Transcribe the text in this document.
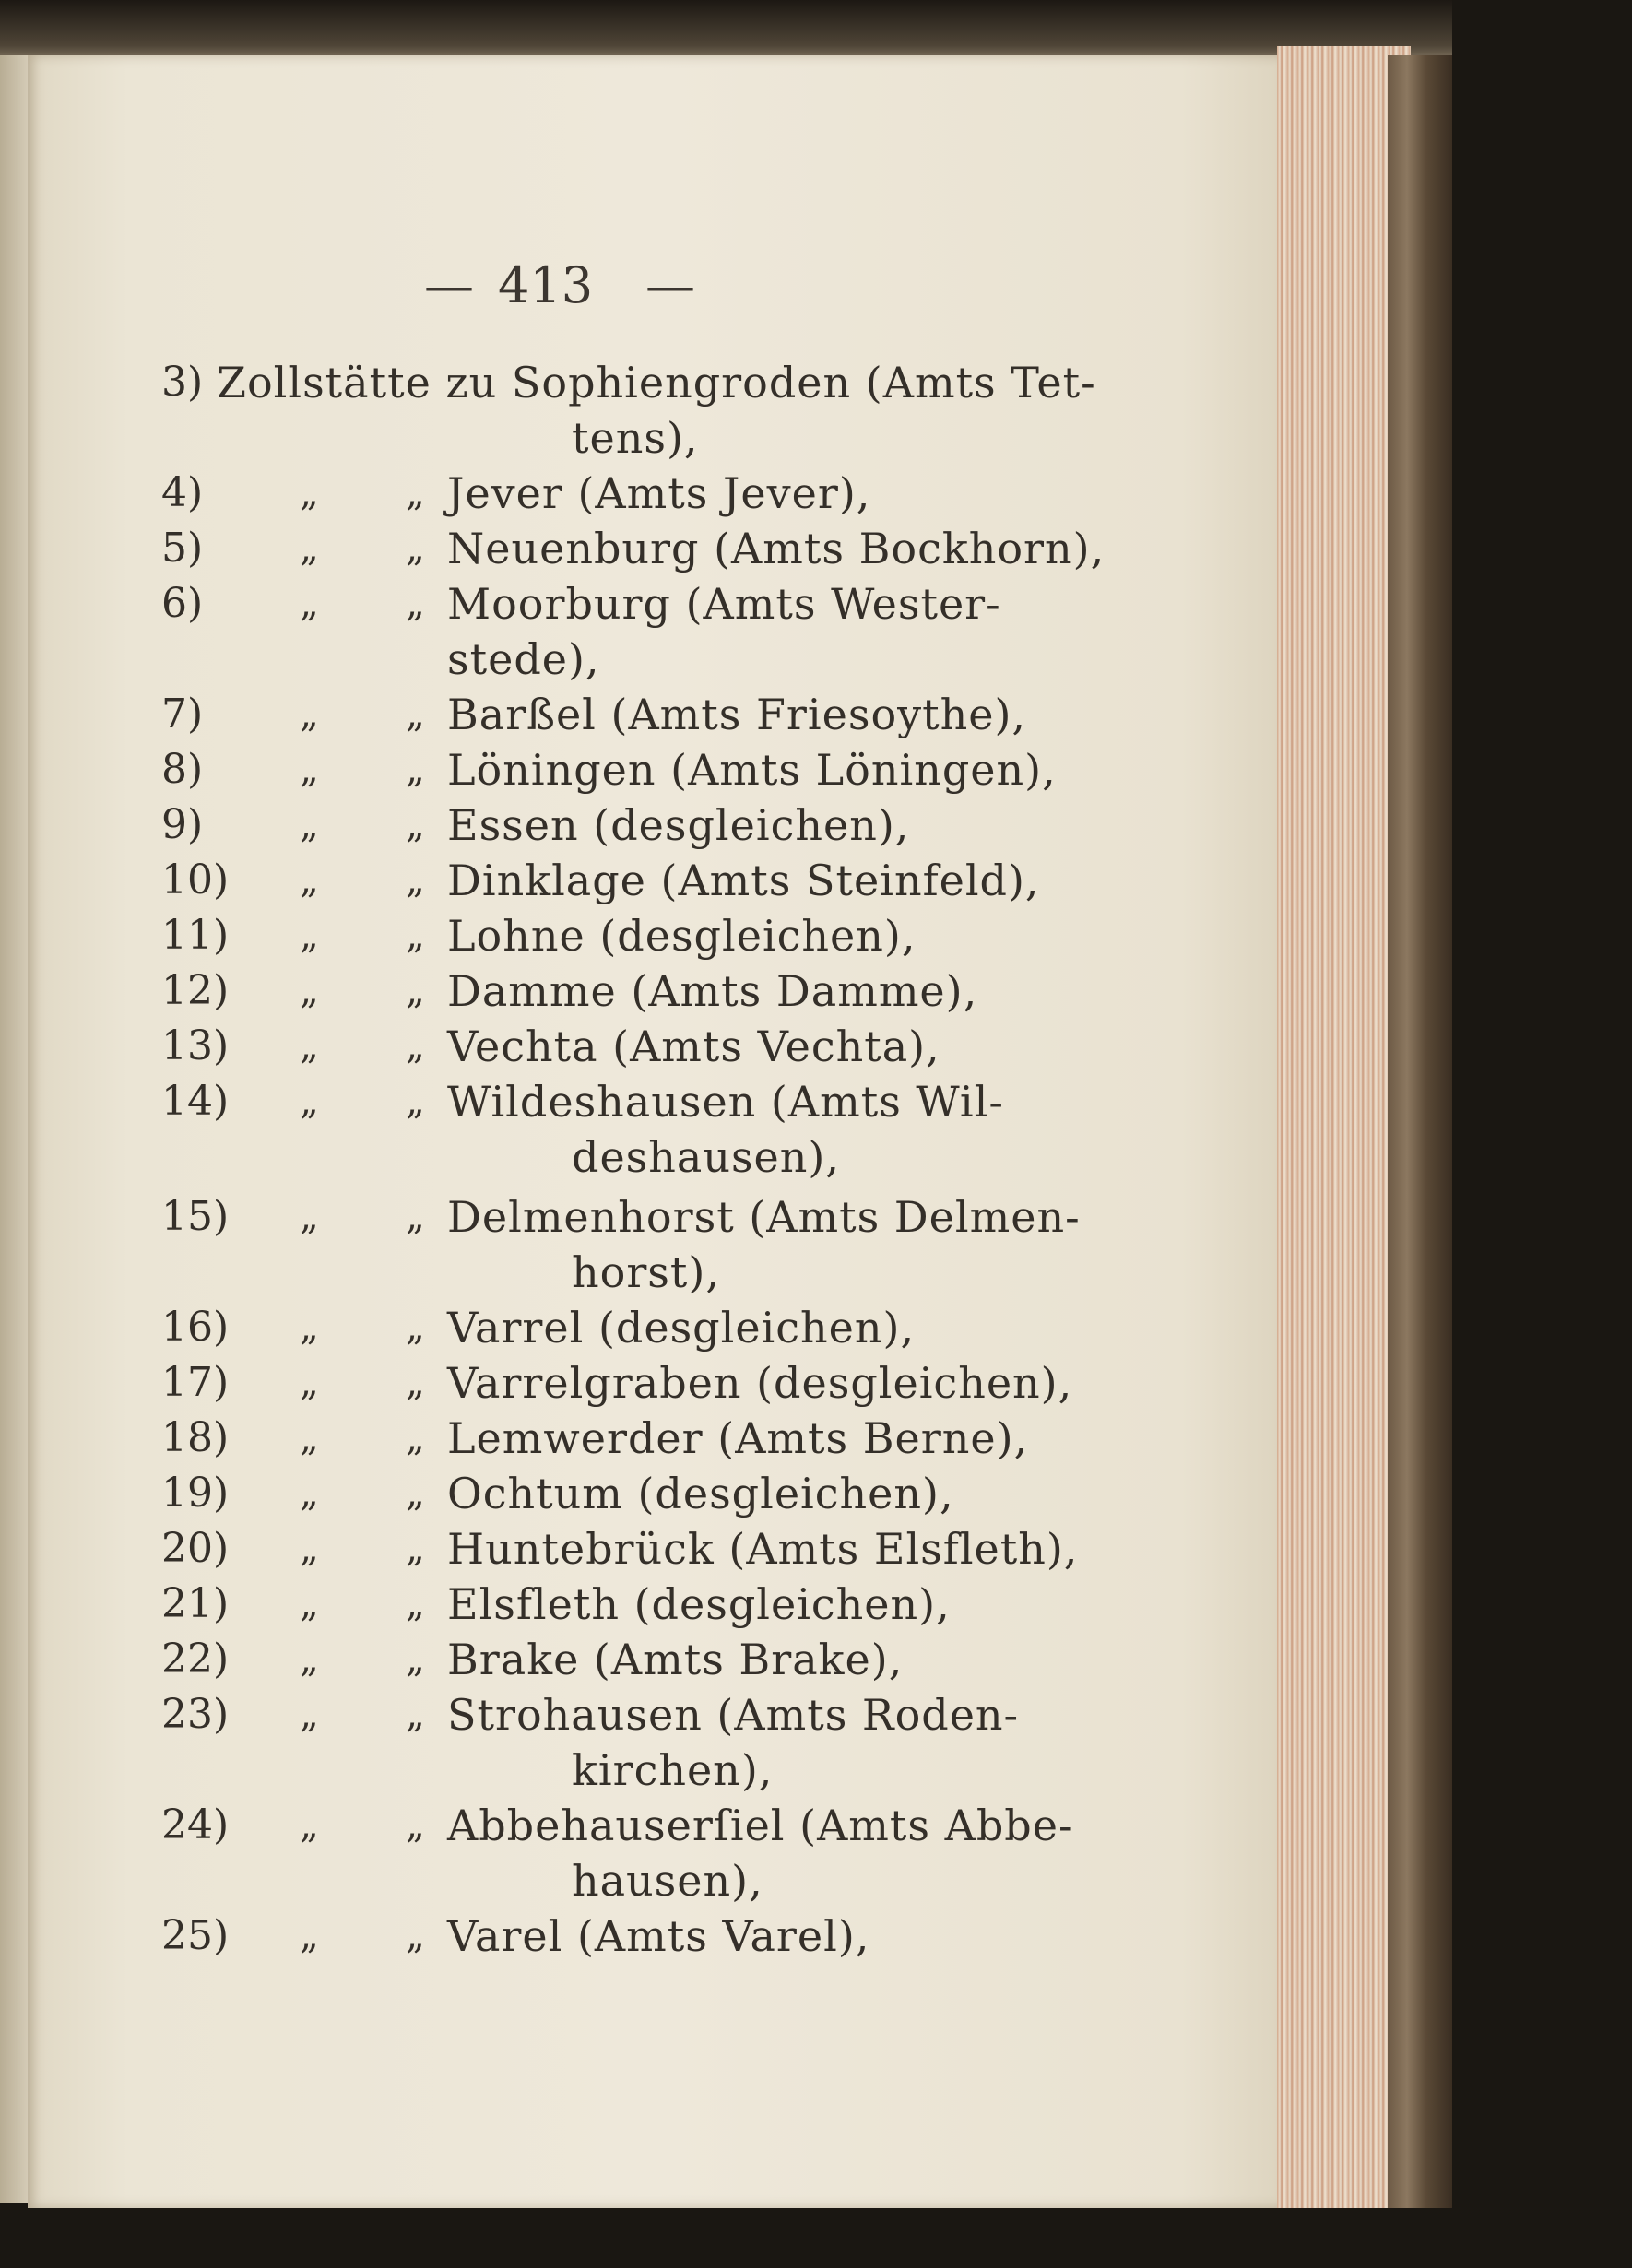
— 413 —
3) Zollstätte zu Sophiengroden (Amts Tet-
tens),
4)	„ „ Jever (Amts Jever),
5)	„ „ Neuenburg (Amts Bockhorn),
6)	„ „ Moorburg (Amts Wester-
stede),
7)	„ „ Barßel (Amts Friesoythe),
8)	„ „ Löningen (Amts Löningen),
9)	„ „ Essen (desgleichen),
10) „ „ Dinklage (Amts Steinfeld),
11) „ „ Lohne (desgleichen),
12) „ „ Damme (Amts Damme),
13) „ „ Vechta (Amts Vechta),
14) „ „ Wildeshausen (Amts Wil-
deshausen),
15) „ „ Delmenhorst (Amts Delmen-
horst),
16) „ „ Varrel (desgleichen),
17) „ „ Varrelgraben (desgleichen),
18) „ „ Lemwerder (Amts Berne),
19) „ „ Ochtum (desgleichen),
20) „ „ Huntebrück (Amts Elsfleth),
21) „ „ Elsfleth (desgleichen),
22) „ „ Brake (Amts Brake),
23) „ „ Strohausen (Amts Roden-
kirchen),
24) „ „ Abbehauserſiel (Amts Abbe-
hausen),
25) „ „ Varel (Amts Varel),
